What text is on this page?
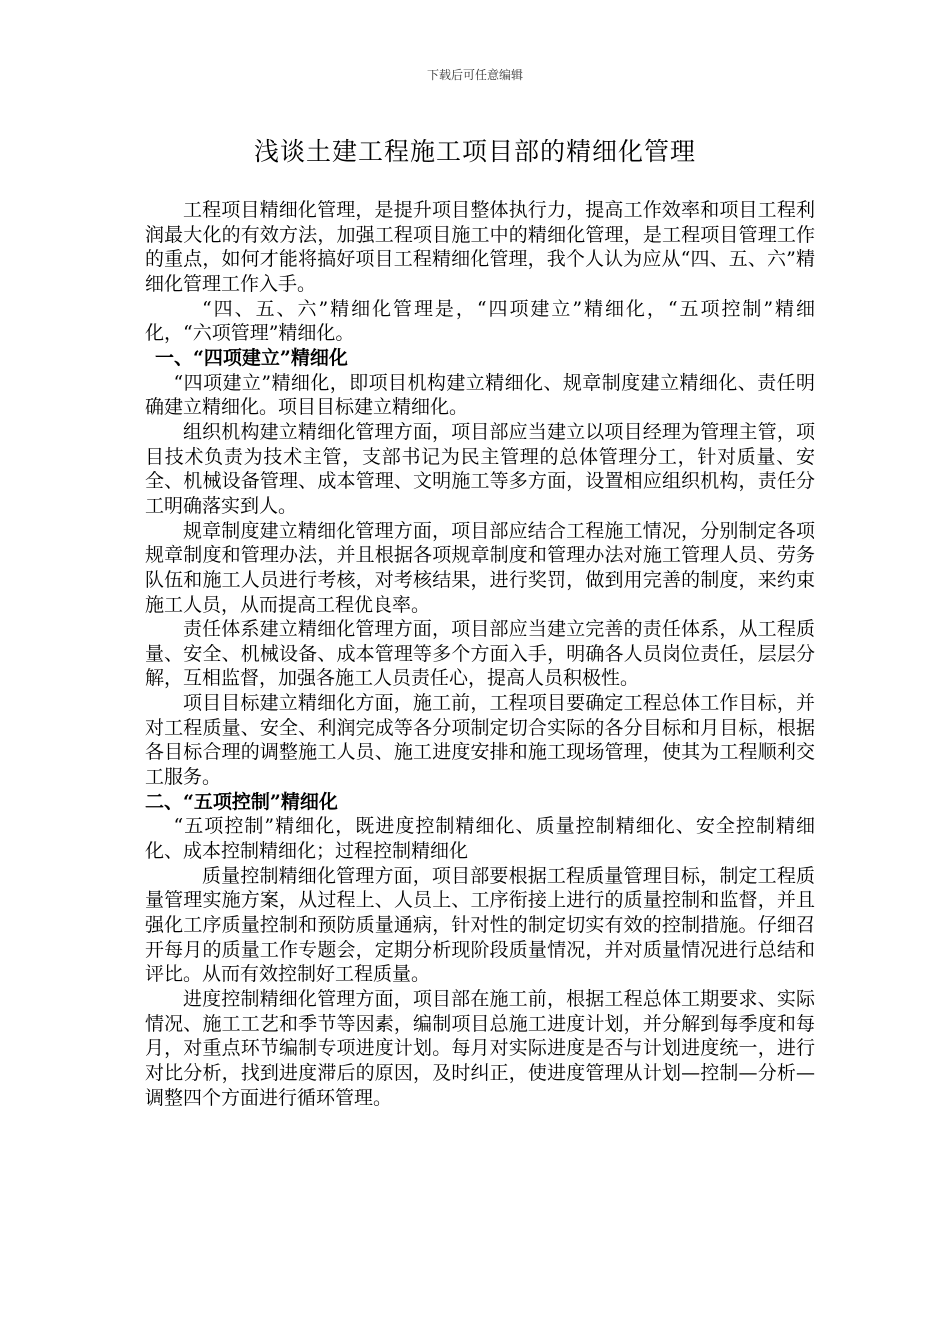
下载后可任意编辑
浅谈土建工程施工项目部的精细化管理

工程项目精细化管理，是提升项目整体执行力，提高工作效率和项目工程利润最大化的有效方法，加强工程项目施工中的精细化管理，是工程项目管理工作的重点，如何才能将搞好项目工程精细化管理，我个人认为应从“四、五、六”精细化管理工作入手。

“四、五、六”精细化管理是，“四项建立”精细化，“五项控制”精细化，“六项管理”精细化。

一、“四项建立”精细化

“四项建立”精细化，即项目机构建立精细化、规章制度建立精细化、责任明确建立精细化。项目目标建立精细化。

组织机构建立精细化管理方面，项目部应当建立以项目经理为管理主管，项目技术负责为技术主管，支部书记为民主管理的总体管理分工，针对质量、安全、机械设备管理、成本管理、文明施工等多方面，设置相应组织机构，责任分工明确落实到人。

规章制度建立精细化管理方面，项目部应结合工程施工情况，分别制定各项规章制度和管理办法，并且根据各项规章制度和管理办法对施工管理人员、劳务队伍和施工人员进行考核，对考核结果，进行奖罚，做到用完善的制度，来约束施工人员，从而提高工程优良率。

责任体系建立精细化管理方面，项目部应当建立完善的责任体系，从工程质量、安全、机械设备、成本管理等多个方面入手，明确各人员岗位责任，层层分解，互相监督，加强各施工人员责任心，提高人员积极性。

项目目标建立精细化方面，施工前，工程项目要确定工程总体工作目标，并对工程质量、安全、利润完成等各分项制定切合实际的各分目标和月目标，根据各目标合理的调整施工人员、施工进度安排和施工现场管理，使其为工程顺利交工服务。

二、“五项控制”精细化

“五项控制”精细化，既进度控制精细化、质量控制精细化、安全控制精细化、成本控制精细化；过程控制精细化

质量控制精细化管理方面，项目部要根据工程质量管理目标，制定工程质量管理实施方案，从过程上、人员上、工序衔接上进行的质量控制和监督，并且强化工序质量控制和预防质量通病，针对性的制定切实有效的控制措施。仔细召开每月的质量工作专题会，定期分析现阶段质量情况，并对质量情况进行总结和评比。从而有效控制好工程质量。

进度控制精细化管理方面，项目部在施工前，根据工程总体工期要求、实际情况、施工工艺和季节等因素，编制项目总施工进度计划，并分解到每季度和每月，对重点环节编制专项进度计划。每月对实际进度是否与计划进度统一，进行对比分析，找到进度滞后的原因，及时纠正，使进度管理从计划—控制—分析—调整四个方面进行循环管理。
